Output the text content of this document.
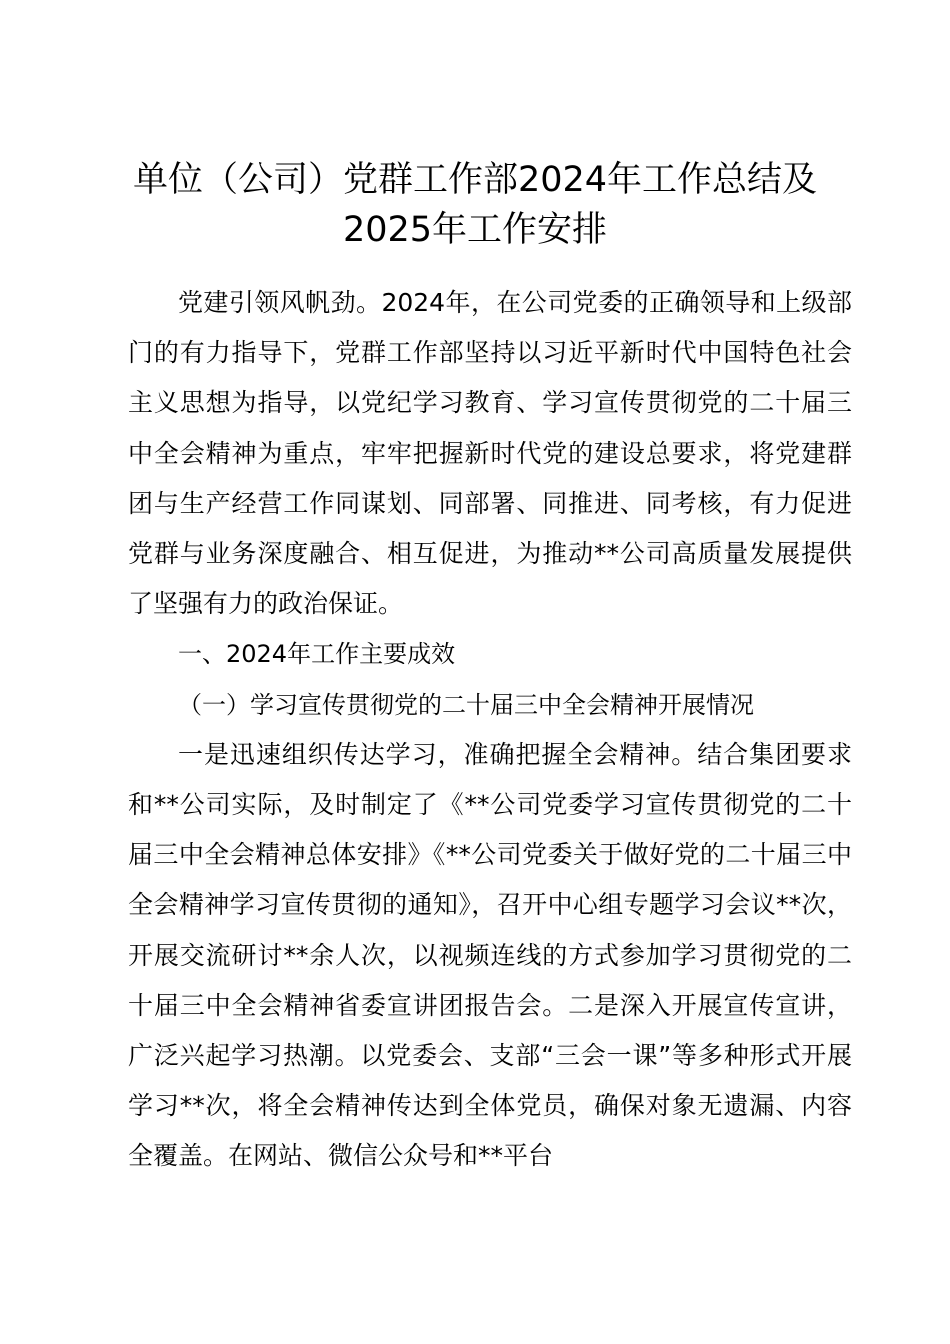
单位（公司）党群工作部2024年工作总结及
2025年工作安排

党建引领风帆劲。2024年，在公司党委的正确领导和上级部门的有力指导下，党群工作部坚持以习近平新时代中国特色社会主义思想为指导，以党纪学习教育、学习宣传贯彻党的二十届三中全会精神为重点，牢牢把握新时代党的建设总要求，将党建群团与生产经营工作同谋划、同部署、同推进、同考核，有力促进党群与业务深度融合、相互促进，为推动**公司高质量发展提供了坚强有力的政治保证。

一、2024年工作主要成效

（一）学习宣传贯彻党的二十届三中全会精神开展情况

一是迅速组织传达学习，准确把握全会精神。结合集团要求和**公司实际，及时制定了《**公司党委学习宣传贯彻党的二十届三中全会精神总体安排》《**公司党委关于做好党的二十届三中全会精神学习宣传贯彻的通知》，召开中心组专题学习会议**次，开展交流研讨**余人次，以视频连线的方式参加学习贯彻党的二十届三中全会精神省委宣讲团报告会。二是深入开展宣传宣讲，广泛兴起学习热潮。以党委会、支部“三会一课”等多种形式开展学习**次，将全会精神传达到全体党员，确保对象无遗漏、内容全覆盖。在网站、微信公众号和**平台
